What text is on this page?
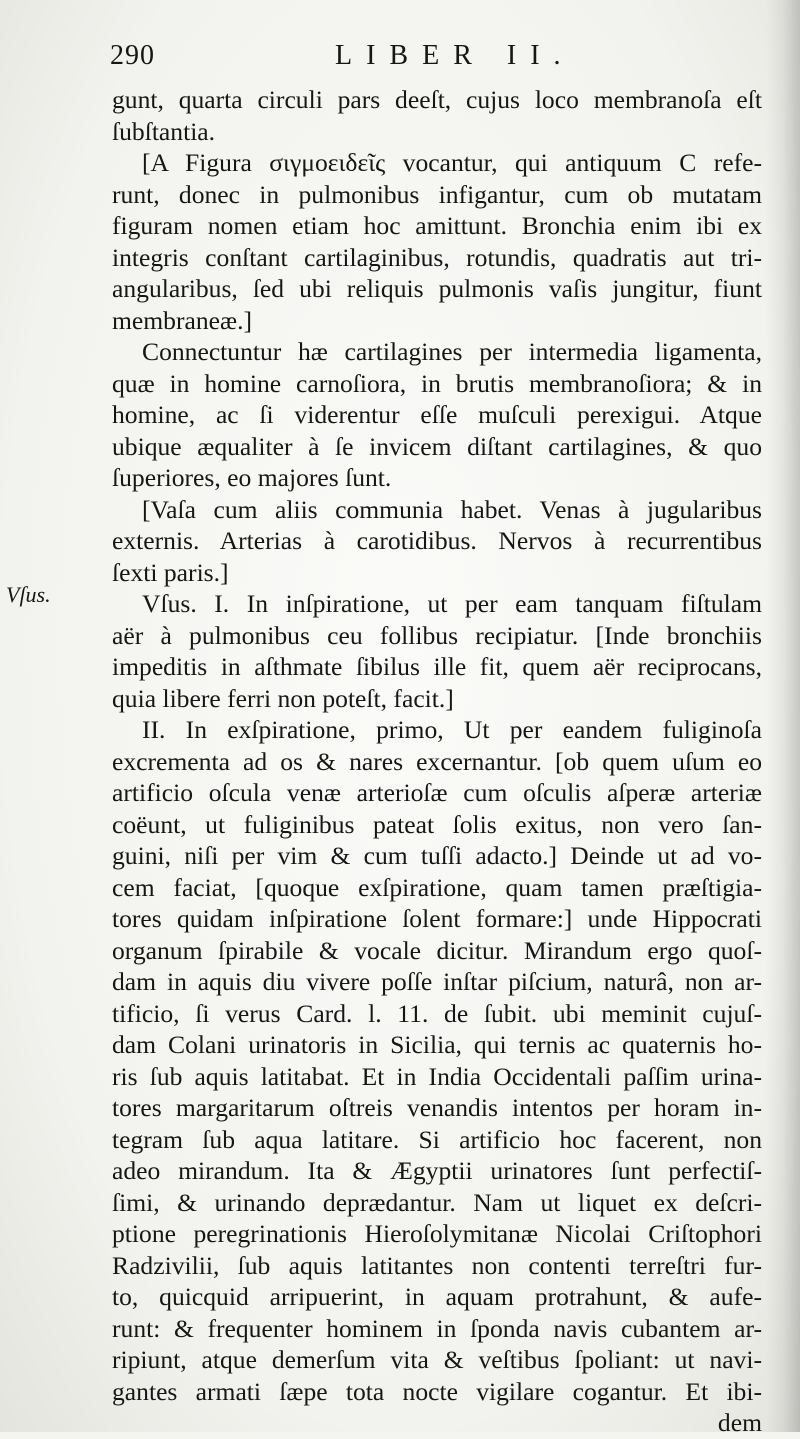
290	LIBER II.
Vſus.
gunt, quarta circuli pars deeſt, cujus loco membranoſa eſt
ſubſtantia.
[A Figura σιγμοειδεῖς vocantur, qui antiquum C refe-
runt, donec in pulmonibus infigantur, cum ob mutatam
figuram nomen etiam hoc amittunt. Bronchia enim ibi ex
integris conſtant cartilaginibus, rotundis, quadratis aut tri-
angularibus, ſed ubi reliquis pulmonis vaſis jungitur, fiunt
membraneæ.]
Connectuntur hæ cartilagines per intermedia ligamenta,
quæ in homine carnoſiora, in brutis membranoſiora; & in
homine, ac ſi viderentur eſſe muſculi perexigui. Atque
ubique æqualiter à ſe invicem diſtant cartilagines, & quo
ſuperiores, eo majores ſunt.
[Vaſa cum aliis communia habet. Venas à jugularibus
externis. Arterias à carotidibus. Nervos à recurrentibus
ſexti paris.]
Vſus. I. In inſpiratione, ut per eam tanquam fiſtulam
aër à pulmonibus ceu follibus recipiatur. [Inde bronchiis
impeditis in aſthmate ſibilus ille fit, quem aër reciprocans,
quia libere ferri non poteſt, facit.]
II. In exſpiratione, primo, Ut per eandem fuliginoſa
excrementa ad os & nares excernantur. [ob quem uſum eo
artificio oſcula venæ arterioſæ cum oſculis aſperæ arteriæ
coëunt, ut fuliginibus pateat ſolis exitus, non vero ſan-
guini, niſi per vim & cum tuſſi adacto.] Deinde ut ad vo-
cem faciat, [quoque exſpiratione, quam tamen præſtigia-
tores quidam inſpiratione ſolent formare:] unde Hippocrati
organum ſpirabile & vocale dicitur. Mirandum ergo quoſ-
dam in aquis diu vivere poſſe inſtar piſcium, naturâ, non ar-
tificio, ſi verus Card. l. 11. de ſubit. ubi meminit cujuſ-
dam Colani urinatoris in Sicilia, qui ternis ac quaternis ho-
ris ſub aquis latitabat. Et in India Occidentali paſſim urina-
tores margaritarum oſtreis venandis intentos per horam in-
tegram ſub aqua latitare. Si artificio hoc facerent, non
adeo mirandum. Ita & Ægyptii urinatores ſunt perfectiſ-
ſimi, & urinando deprædantur. Nam ut liquet ex deſcri-
ptione peregrinationis Hieroſolymitanæ Nicolai Criſtophori
Radzivilii, ſub aquis latitantes non contenti terreſtri fur-
to, quicquid arripuerint, in aquam protrahunt, & aufe-
runt: & frequenter hominem in ſponda navis cubantem ar-
ripiunt, atque demerſum vita & veſtibus ſpoliant: ut navi-
gantes armati ſæpe tota nocte vigilare cogantur. Et ibi-
dem
